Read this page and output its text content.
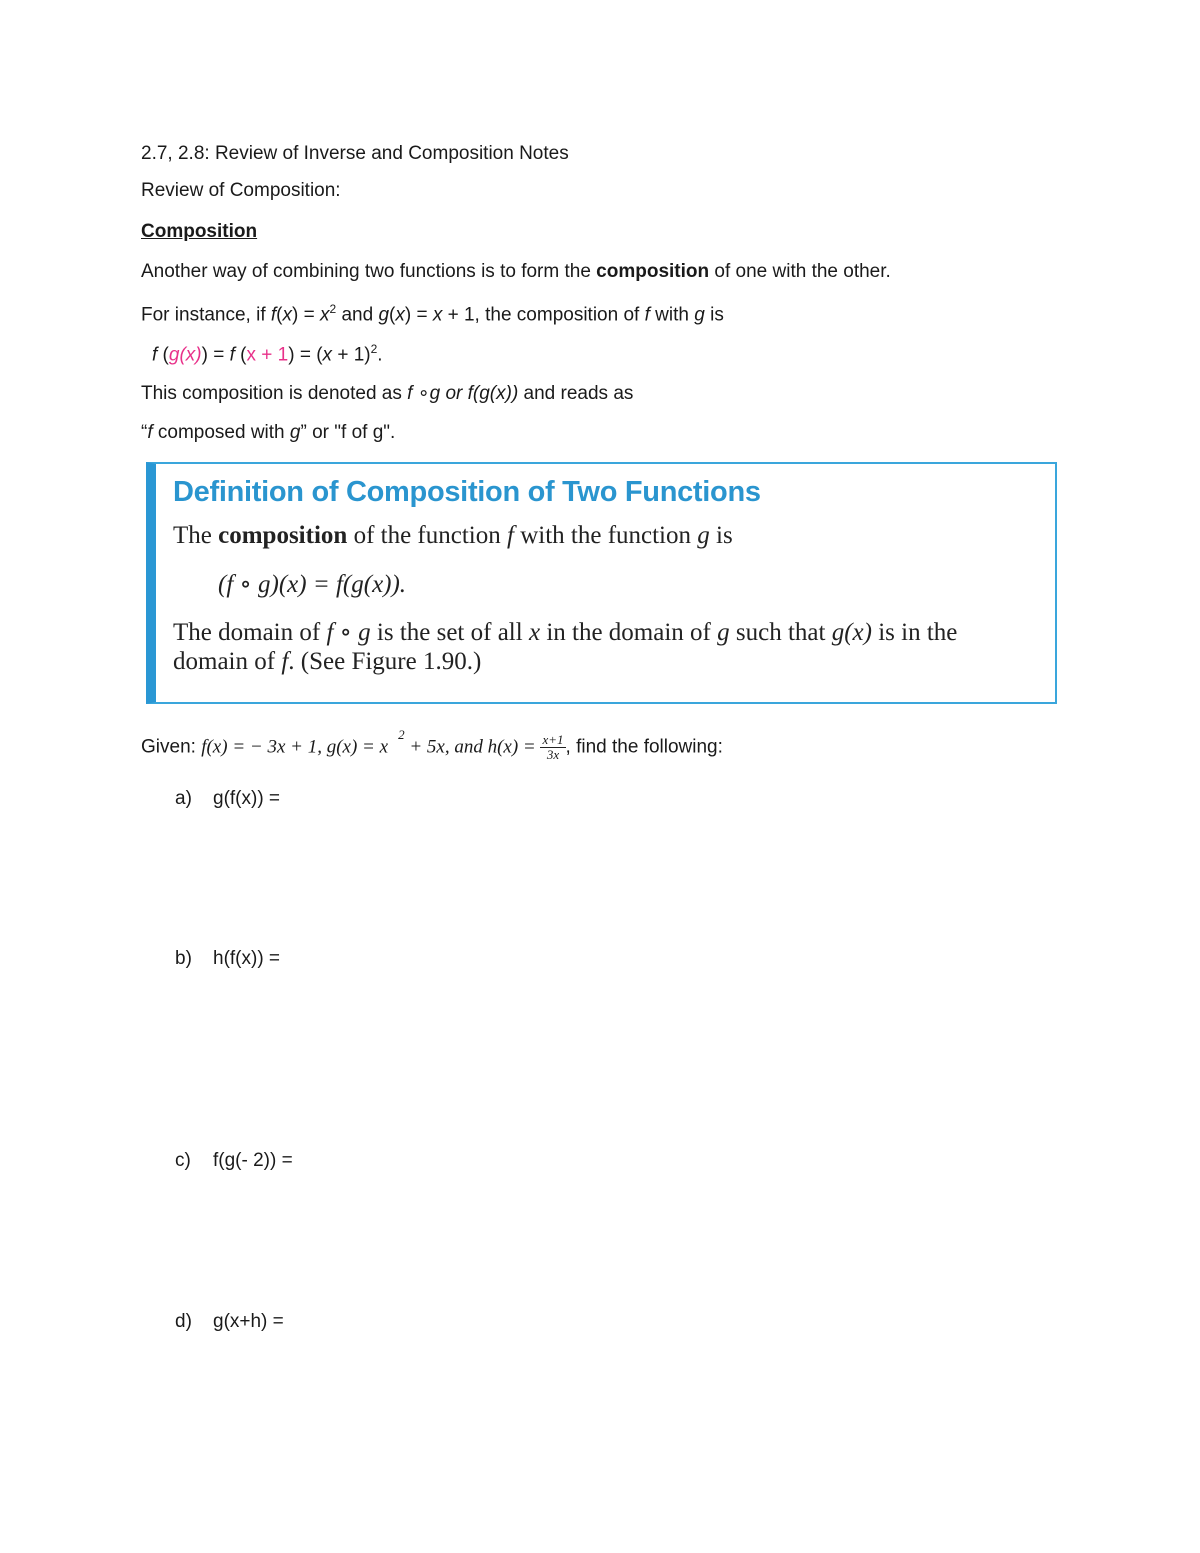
2.7, 2.8: Review of Inverse and Composition Notes
Review of Composition:
Composition
Another way of combining two functions is to form the composition of one with the other.
For instance, if $f(x) = x^2$ and g(x) = x + 1, the composition of f with g is
f (g(x)) = f $(x + 1) = (x + 1)^2$.
This composition is denoted as f ∘g or f(g(x)) and reads as
“f composed with g” or "f of g".
Definition of Composition of Two Functions
The composition of the function f with the function g is
(f ∘ g)(x) = f(g(x)).
The domain of f ∘ g is the set of all x in the domain of g such that g(x) is in the
domain of f. (See Figure 1.90.)
Given: f(x) = − 3x + 1, $g(x) = x^2 + 5x$, and $h(x) = \frac{x+1}{3x}$ , find the following:
a) g(f(x)) =
b) h(f(x)) =
c) f(g(- 2)) =
d) g(x+h) =
